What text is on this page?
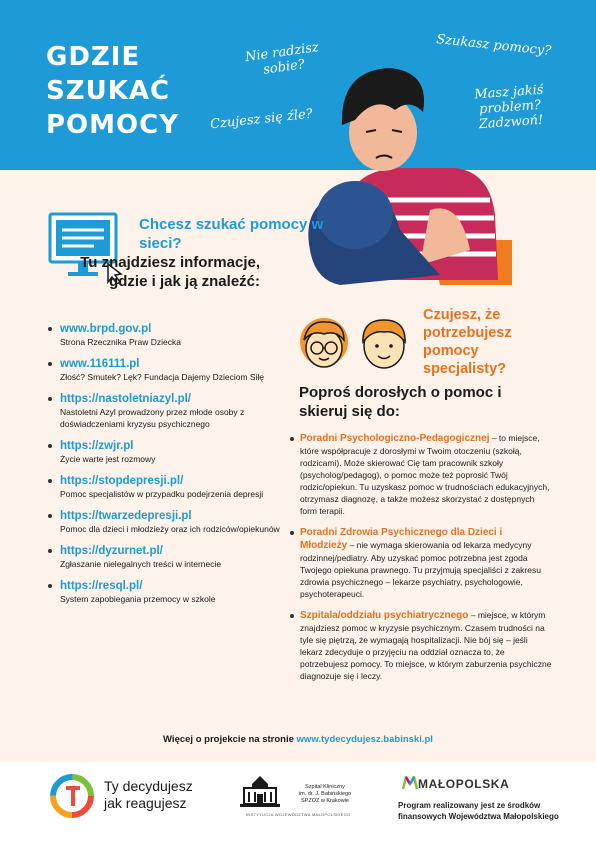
GDZIE
SZUKAĆ
POMOCY
Nie radzisz sobie?
Czujesz się źle?
Szukasz pomocy?
Masz jakiś problem? Zadzwoń!
Chcesz szukać pomocy w sieci?
Tu znajdziesz informacje, gdzie i jak ją znaleźć:
www.brpd.gov.pl
Strona Rzecznika Praw Dziecka
www.116111.pl
Złość? Smutek? Lęk? Fundacja Dajemy Dzieciom Siłę
https://nastoletniazyl.pl/
Nastoletni Azyl prowadzony przez młode osoby z doświadczeniami kryzysu psychicznego
https://zwjr.pl
Życie warte jest rozmowy
https://stopdepresji.pl/
Pomoc specjalistów w przypadku podejrzenia depresji
https://twarzedepresji.pl
Pomoc dla dzieci i młodzieży oraz ich rodziców/opiekunów
https://dyzurnet.pl/
Zgłaszanie nielegalnych treści w internecie
https://resql.pl/
System zapobiegania przemocy w szkole
Czujesz, że potrzebujesz pomocy specjalisty?
Poproś dorosłych o pomoc i skieruj się do:
Poradni Psychologiczno-Pedagogicznej – to miejsce, które współpracuje z dorosłymi w Twoim otoczeniu (szkołą, rodzicami). Może skierować Cię tam pracownik szkoły (psycholog/pedagog), o pomoc może też poprosić Twój rodzic/opiekun. Tu uzyskasz pomoc w trudnościach edukacyjnych, otrzymasz diagnozę, a także możesz skorzystać z dostępnych form terapii.
Poradni Zdrowia Psychicznego dla Dzieci i Młodzieży – nie wymaga skierowania od lekarza medycyny rodzinnej/pediatry. Aby uzyskać pomoc potrzebna jest zgoda Twojego opiekuna prawnego. Tu przyjmują specjaliści z zakresu zdrowia psychicznego – lekarze psychiatry, psychologowie, psychoterapeuci.
Szpitala/oddziału psychiatrycznego – miejsce, w którym znajdziesz pomoc w kryzysie psychicznym. Czasem trudności na tyle się piętrzą, że wymagają hospitalizacji. Nie bój się – jeśli lekarz zdecyduje o przyjęciu na oddział oznacza to, że potrzebujesz pomocy. To miejsce, w którym zaburzenia psychiczne diagnozuje się i leczy.
Więcej o projekcie na stronie www.tydecydujesz.babinski.pl
Ty decydujesz
jak reagujesz
Szpital Kliniczny
im. dr. J. Babińskiego
SPZOZ w Krakowie
INSTYTUCJA WOJEWÓDZTWA MAŁOPOLSKIEGO
MAŁOPOLSKA
Program realizowany jest ze środków finansowych Województwa Małopolskiego
